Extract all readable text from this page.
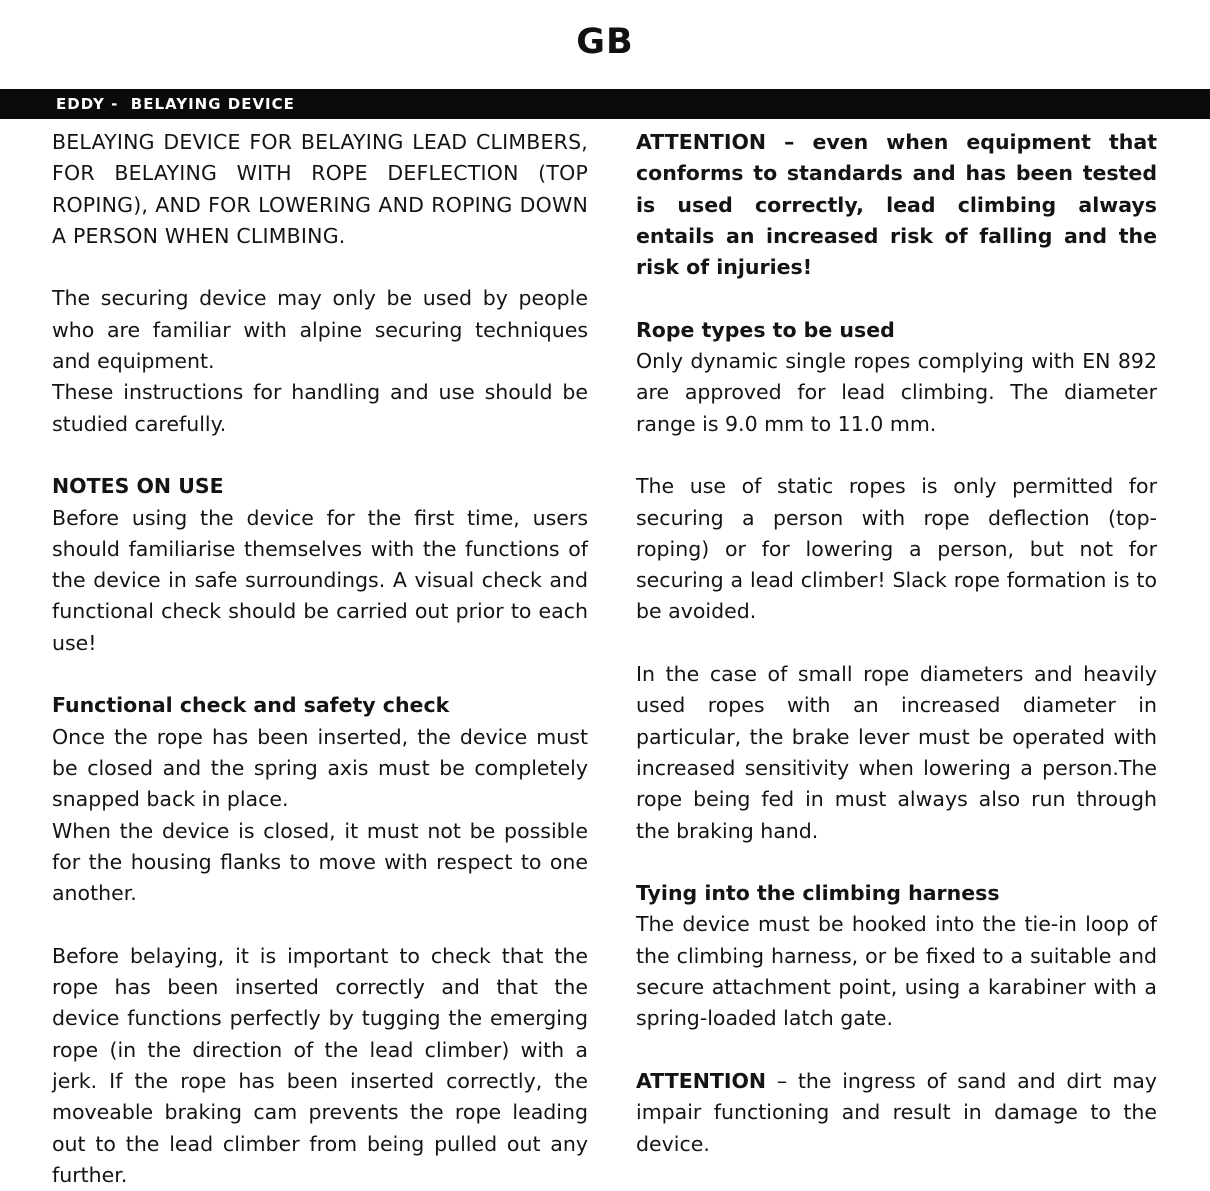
GB
EDDY -  BELAYING DEVICE

BELAYING DEVICE FOR BELAYING LEAD CLIMBERS, FOR BELAYING WITH ROPE DEFLECTION (TOP ROPING), AND FOR LOWERING AND ROPING DOWN A PERSON WHEN CLIMBING.

The securing device may only be used by people who are familiar with alpine securing techniques and equipment.

These instructions for handling and use should be studied carefully.

NOTES ON USE

Before using the device for the first time, users should familiarise themselves with the functions of the device in safe surroundings. A visual check and functional check should be carried out prior to each use!

Functional check and safety check

Once the rope has been inserted, the device must be closed and the spring axis must be completely snapped back in place.

When the device is closed, it must not be possible for the housing flanks to move with respect to one another.

Before belaying, it is important to check that the rope has been inserted correctly and that the device functions perfectly by tugging the emerging rope (in the direction of the lead climber) with a jerk. If the rope has been inserted correctly, the moveable braking cam prevents the rope leading out to the lead climber from being pulled out any further.

ATTENTION – even when equipment that conforms to standards and has been tested is used correctly, lead climbing always entails an increased risk of falling and the risk of injuries!

Rope types to be used

Only dynamic single ropes complying with EN 892 are approved for lead climbing. The diameter range is 9.0 mm to 11.0 mm.

The use of static ropes is only permitted for securing a person with rope deflection (top-roping) or for lowering a person, but not for securing a lead climber! Slack rope formation is to be avoided.

In the case of small rope diameters and heavily used ropes with an increased diameter in particular, the brake lever must be operated with increased sensitivity when lowering a person.The rope being fed in must always also run through the braking hand.

Tying into the climbing harness

The device must be hooked into the tie-in loop of the climbing harness, or be fixed to a suitable and secure attachment point, using a karabiner with a spring-loaded latch gate.

ATTENTION – the ingress of sand and dirt may impair functioning and result in damage to the device.
